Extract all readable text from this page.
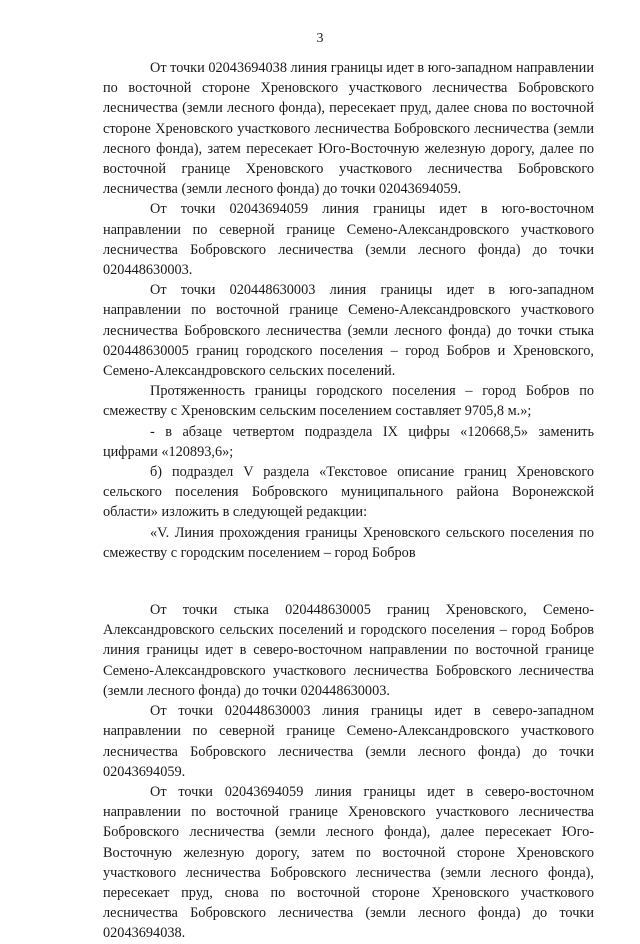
3

От точки 02043694038 линия границы идет в юго-западном направлении по восточной стороне Хреновского участкового лесничества Бобровского лесничества (земли лесного фонда), пересекает пруд, далее снова по восточной стороне Хреновского участкового лесничества Бобровского лесничества (земли лесного фонда), затем пересекает Юго-Восточную железную дорогу, далее по восточной границе Хреновского участкового лесничества Бобровского лесничества (земли лесного фонда) до точки 02043694059.

От точки 02043694059 линия границы идет в юго-восточном направлении по северной границе Семено-Александровского участкового лесничества Бобровского лесничества (земли лесного фонда) до точки 020448630003.

От точки 020448630003 линия границы идет в юго-западном направлении по восточной границе Семено-Александровского участкового лесничества Бобровского лесничества (земли лесного фонда) до точки стыка 020448630005 границ городского поселения – город Бобров и Хреновского, Семено-Александровского сельских поселений.

Протяженность границы городского поселения – город Бобров по смежеству с Хреновским сельским поселением составляет 9705,8 м.»;

- в абзаце четвертом подраздела IX цифры «120668,5» заменить цифрами «120893,6»;

б) подраздел V раздела «Текстовое описание границ Хреновского сельского поселения Бобровского муниципального района Воронежской области» изложить в следующей редакции:

«V. Линия прохождения границы Хреновского сельского поселения по смежеству с городским поселением – город Бобров

От точки стыка 020448630005 границ Хреновского, Семено-Александровского сельских поселений и городского поселения – город Бобров линия границы идет в северо-восточном направлении по восточной границе Семено-Александровского участкового лесничества Бобровского лесничества (земли лесного фонда) до точки 020448630003.

От точки 020448630003 линия границы идет в северо-западном направлении по северной границе Семено-Александровского участкового лесничества Бобровского лесничества (земли лесного фонда) до точки 02043694059.

От точки 02043694059 линия границы идет в северо-восточном направлении по восточной границе Хреновского участкового лесничества Бобровского лесничества (земли лесного фонда), далее пересекает Юго-Восточную железную дорогу, затем по восточной стороне Хреновского участкового лесничества Бобровского лесничества (земли лесного фонда), пересекает пруд, снова по восточной стороне Хреновского участкового лесничества Бобровского лесничества (земли лесного фонда) до точки 02043694038.
